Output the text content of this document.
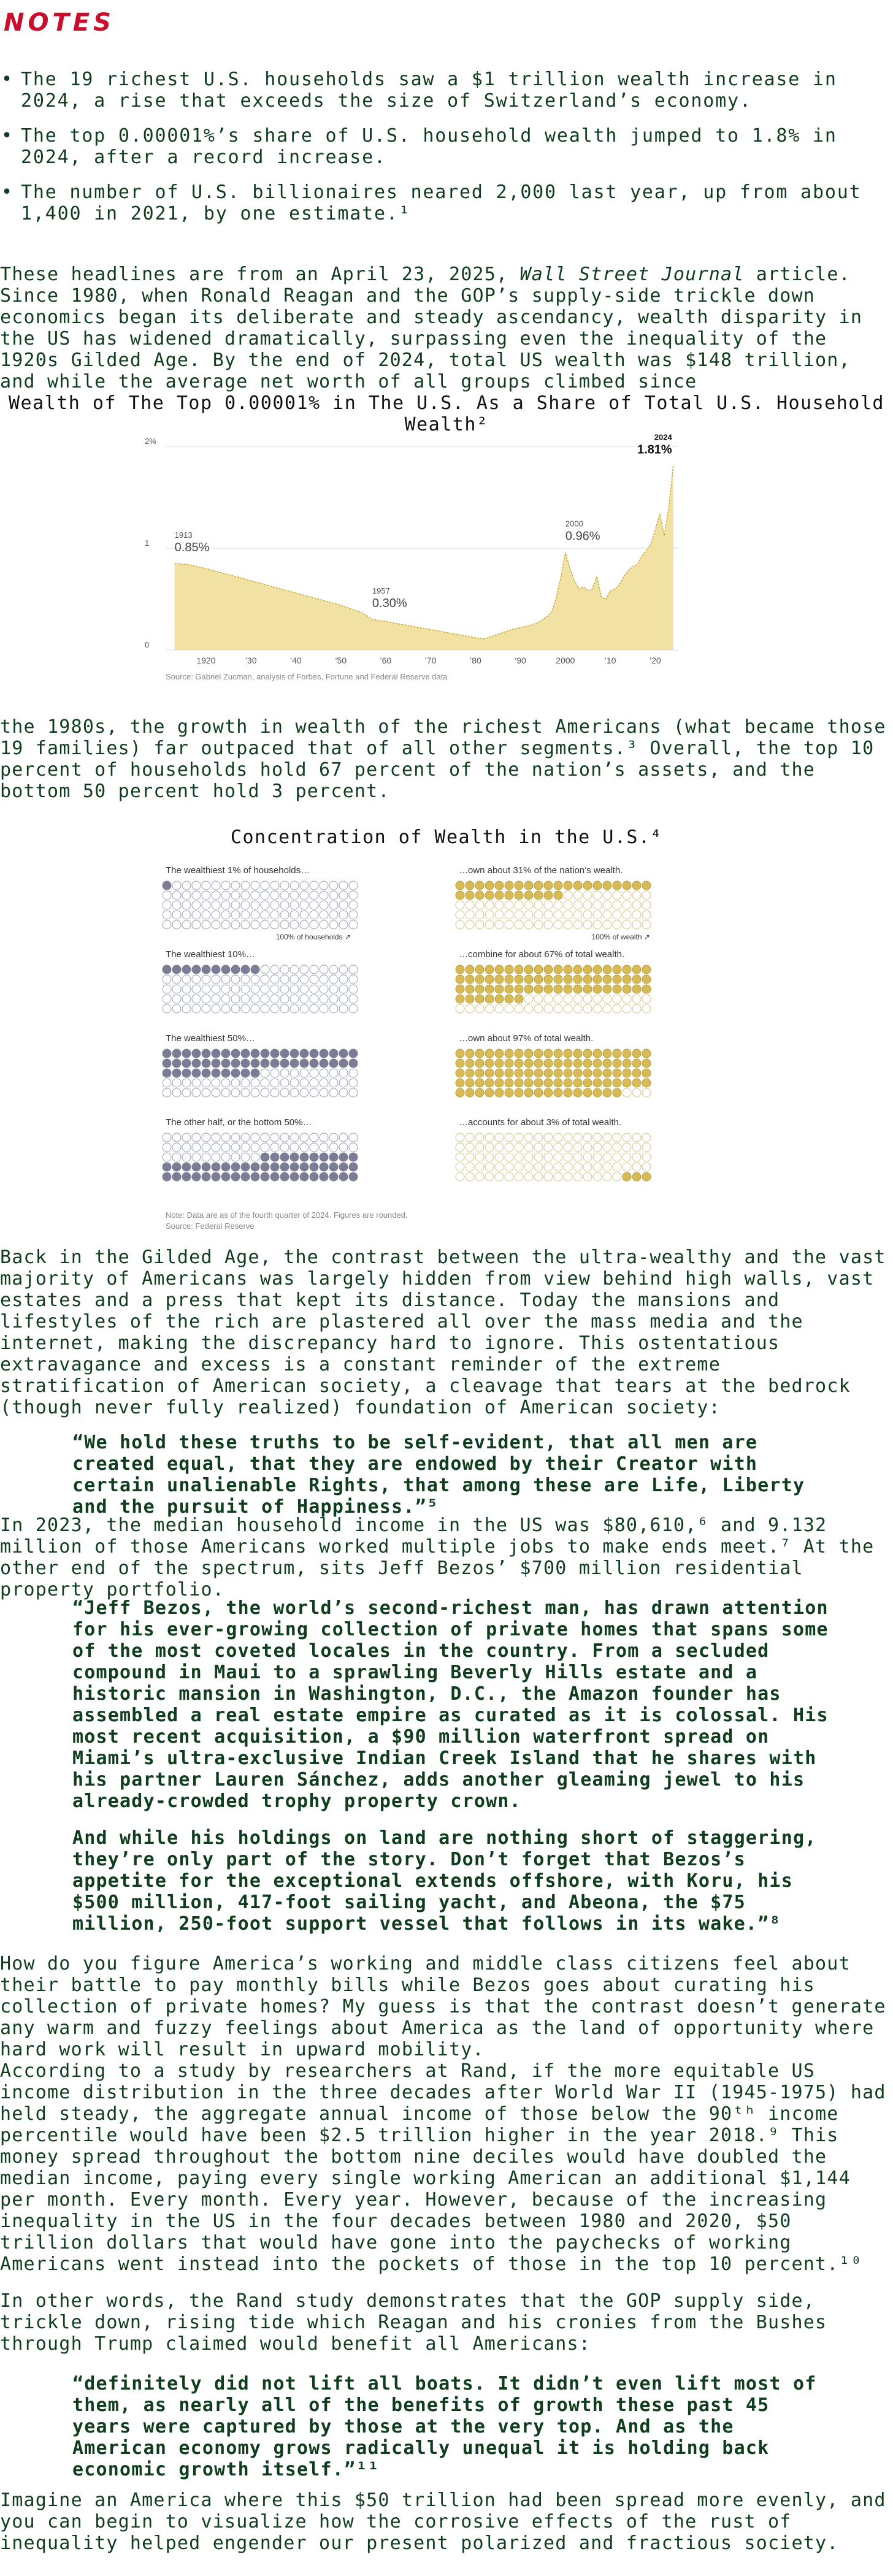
NOTES
• The 19 richest U.S. households saw a $1 trillion wealth increase in 2024, a rise that exceeds the size of Switzerland’s economy.
• The top 0.00001%’s share of U.S. household wealth jumped to 1.8% in 2024, after a record increase.
• The number of U.S. billionaires neared 2,000 last year, up from about 1,400 in 2021, by one estimate.¹

These headlines are from an April 23, 2025, Wall Street Journal article. Since 1980, when Ronald Reagan and the GOP’s supply-side trickle down economics began its deliberate and steady ascendancy, wealth disparity in the US has widened dramatically, surpassing even the inequality of the 1920s Gilded Age. By the end of 2024, total US wealth was $148 trillion, and while the average net worth of all groups climbed since

Wealth of The Top 0.00001% in The U.S. As a Share of Total U.S. Household Wealth²
2%
1
0
1920	’30	’40	’50	’60	’70	’80	’90	2000	’10	’20
1913
0.85%
1957
0.30%
2000
0.96%
2024
1.81%
Source: Gabriel Zucman, analysis of Forbes, Fortune and Federal Reserve data

the 1980s, the growth in wealth of the richest Americans (what became those 19 families) far outpaced that of all other segments.³ Overall, the top 10 percent of households hold 67 percent of the nation’s assets, and the bottom 50 percent hold 3 percent.

Concentration of Wealth in the U.S.⁴
The wealthiest 1% of households…	…own about 31% of the nation’s wealth.
100% of households ↗	100% of wealth ↗
The wealthiest 10%…	…combine for about 67% of total wealth.
The wealthiest 50%…	…own about 97% of total wealth.
The other half, or the bottom 50%…	…accounts for about 3% of total wealth.
Note: Data are as of the fourth quarter of 2024. Figures are rounded.
Source: Federal Reserve

Back in the Gilded Age, the contrast between the ultra-wealthy and the vast majority of Americans was largely hidden from view behind high walls, vast estates and a press that kept its distance. Today the mansions and lifestyles of the rich are plastered all over the mass media and the internet, making the discrepancy hard to ignore. This ostentatious extravagance and excess is a constant reminder of the extreme stratification of American society, a cleavage that tears at the bedrock (though never fully realized) foundation of American society:

“We hold these truths to be self-evident, that all men are created equal, that they are endowed by their Creator with certain unalienable Rights, that among these are Life, Liberty and the pursuit of Happiness.”⁵

In 2023, the median household income in the US was $80,610,⁶ and 9.132 million of those Americans worked multiple jobs to make ends meet.⁷ At the other end of the spectrum, sits Jeff Bezos’ $700 million residential property portfolio.

“Jeff Bezos, the world’s second-richest man, has drawn attention for his ever-growing collection of private homes that spans some of the most coveted locales in the country. From a secluded compound in Maui to a sprawling Beverly Hills estate and a historic mansion in Washington, D.C., the Amazon founder has assembled a real estate empire as curated as it is colossal. His most recent acquisition, a $90 million waterfront spread on Miami’s ultra-exclusive Indian Creek Island that he shares with his partner Lauren Sánchez, adds another gleaming jewel to his already-crowded trophy property crown.

And while his holdings on land are nothing short of staggering, they’re only part of the story. Don’t forget that Bezos’s appetite for the exceptional extends offshore, with Koru, his $500 million, 417-foot sailing yacht, and Abeona, the $75 million, 250-foot support vessel that follows in its wake.”⁸

How do you figure America’s working and middle class citizens feel about their battle to pay monthly bills while Bezos goes about curating his collection of private homes? My guess is that the contrast doesn’t generate any warm and fuzzy feelings about America as the land of opportunity where hard work will result in upward mobility.

According to a study by researchers at Rand, if the more equitable US income distribution in the three decades after World War II (1945-1975) had held steady, the aggregate annual income of those below the 90ᵗʰ income percentile would have been $2.5 trillion higher in the year 2018.⁹ This money spread throughout the bottom nine deciles would have doubled the median income, paying every single working American an additional $1,144 per month. Every month. Every year. However, because of the increasing inequality in the US in the four decades between 1980 and 2020, $50 trillion dollars that would have gone into the paychecks of working Americans went instead into the pockets of those in the top 10 percent.¹⁰

In other words, the Rand study demonstrates that the GOP supply side, trickle down, rising tide which Reagan and his cronies from the Bushes through Trump claimed would benefit all Americans:

“definitely did not lift all boats. It didn’t even lift most of them, as nearly all of the benefits of growth these past 45 years were captured by those at the very top. And as the American economy grows radically unequal it is holding back economic growth itself.”¹¹

Imagine an America where this $50 trillion had been spread more evenly, and you can begin to visualize how the corrosive effects of the rust of inequality helped engender our present polarized and fractious society.
